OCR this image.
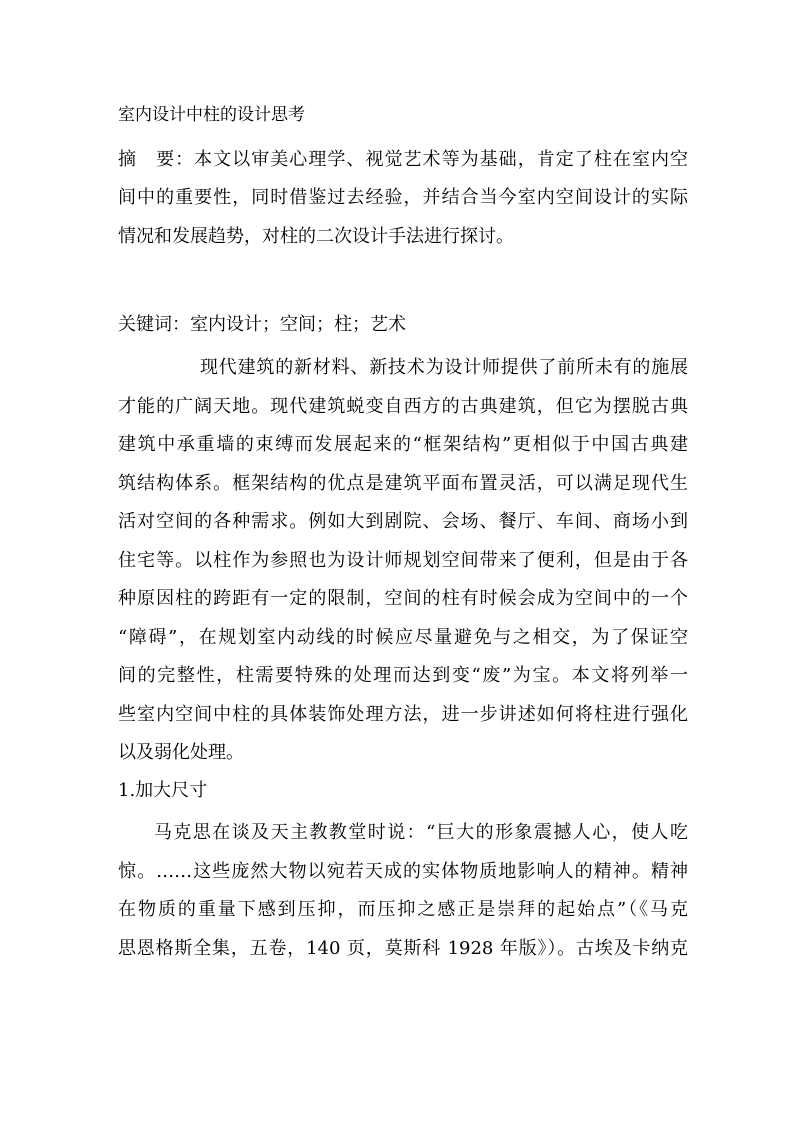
室内设计中柱的设计思考
摘　要：本文以审美心理学、视觉艺术等为基础，肯定了柱在室内空
间中的重要性，同时借鉴过去经验，并结合当今室内空间设计的实际
情况和发展趋势，对柱的二次设计手法进行探讨。
关键词：室内设计；空间；柱；艺术
现代建筑的新材料、新技术为设计师提供了前所未有的施展
才能的广阔天地。现代建筑蜕变自西方的古典建筑，但它为摆脱古典
建筑中承重墙的束缚而发展起来的“框架结构”更相似于中国古典建
筑结构体系。框架结构的优点是建筑平面布置灵活，可以满足现代生
活对空间的各种需求。例如大到剧院、会场、餐厅、车间、商场小到
住宅等。以柱作为参照也为设计师规划空间带来了便利，但是由于各
种原因柱的跨距有一定的限制，空间的柱有时候会成为空间中的一个
“障碍”，在规划室内动线的时候应尽量避免与之相交，为了保证空
间的完整性，柱需要特殊的处理而达到变“废”为宝。本文将列举一
些室内空间中柱的具体装饰处理方法，进一步讲述如何将柱进行强化
以及弱化处理。
1.加大尺寸
马克思在谈及天主教教堂时说：“巨大的形象震撼人心，使人吃
惊。……这些庞然大物以宛若天成的实体物质地影响人的精神。精神
在物质的重量下感到压抑，而压抑之感正是崇拜的起始点”（《马克
思恩格斯全集，五卷，140 页，莫斯科 1928 年版》）。古埃及卡纳克
